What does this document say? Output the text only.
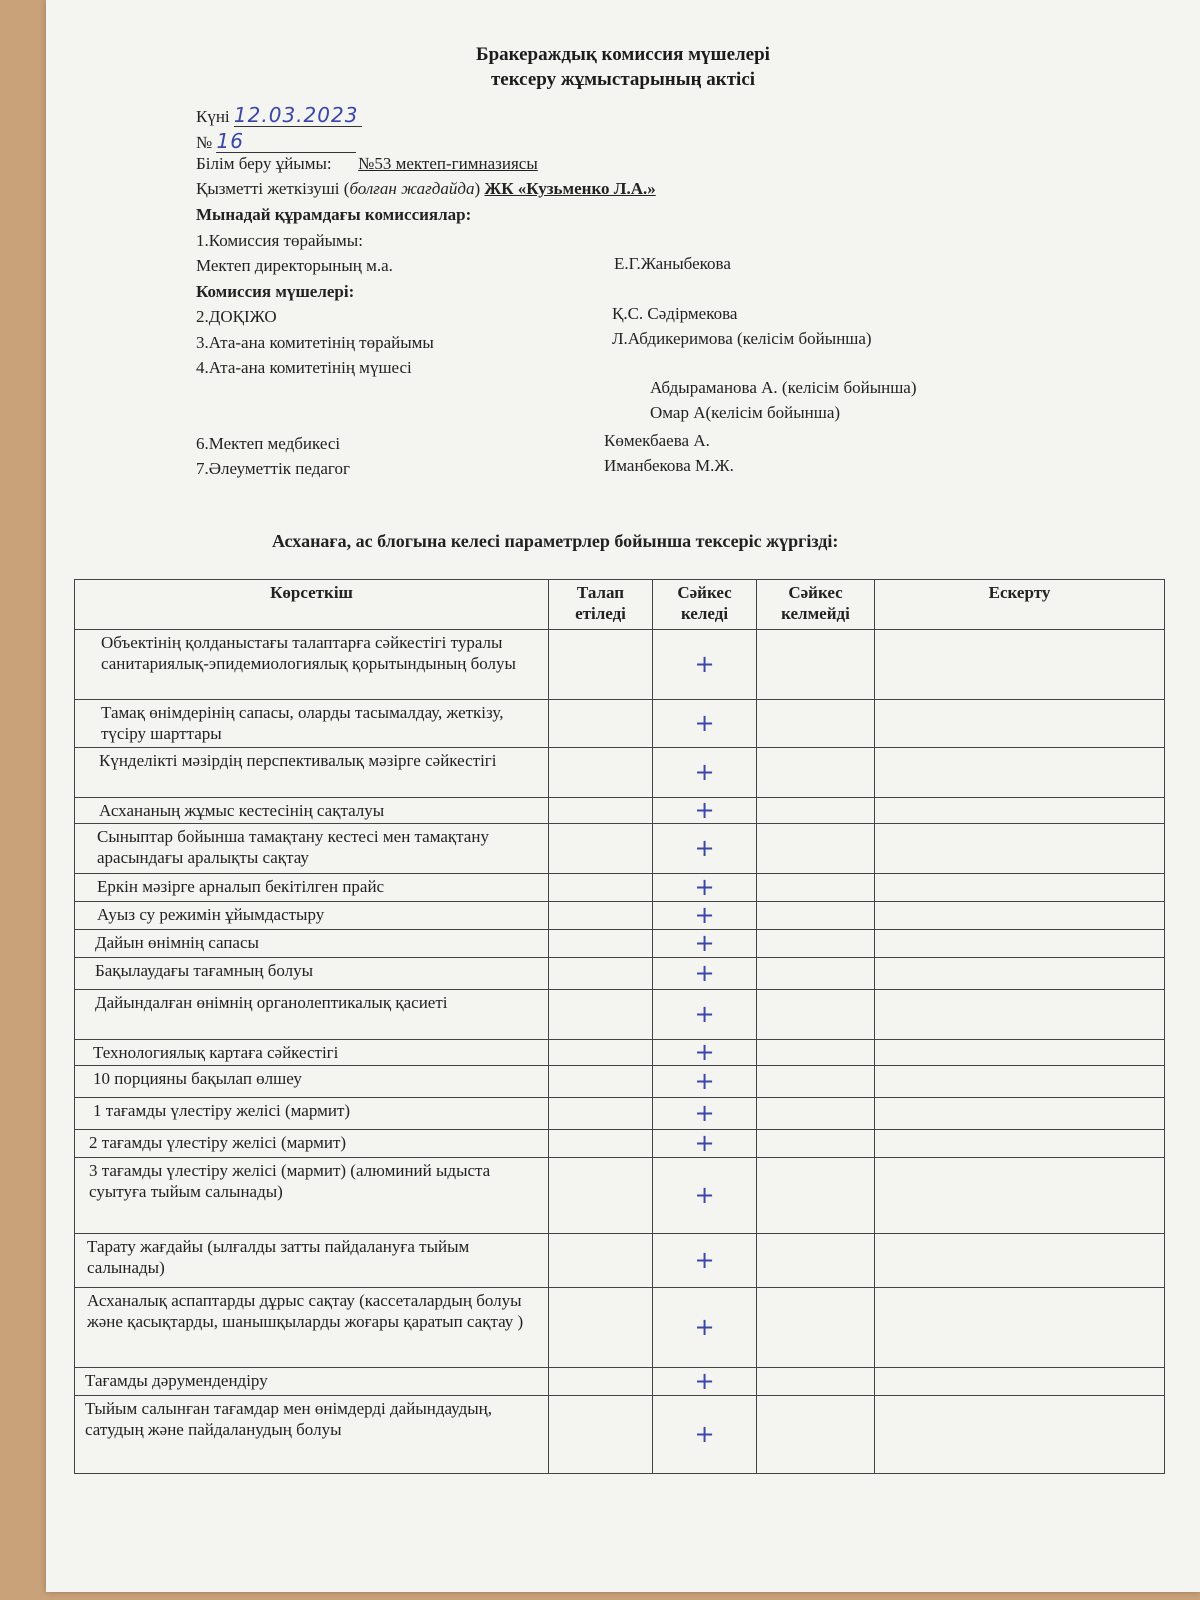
Бракераждық комиссия мүшелері
тексеру жұмыстарының актісі
Күні 12.03.2023
№ 16
Білім беру ұйымы: №53 мектеп-гимназиясы
Қызметті жеткізуші (болған жағдайда) ЖК «Кузьменко Л.А.»
Мынадай құрамдағы комиссиялар:
1.Комиссия төрайымы:
Мектеп директорының м.а.	Е.Г.Жаныбекова
Комиссия мүшелері:
2.ДОҚІЖО	Қ.С. Сәдірмекова
3.Ата-ана комитетінің төрайымы	Л.Абдикеримова (келісім бойынша)
4.Ата-ана комитетінің мүшесі
Абдыраманова А. (келісім бойынша)
Омар А(келісім бойынша)
6.Мектеп медбикесі	Көмекбаева А.
7.Әлеуметтік педагог	Иманбекова М.Ж.
Асханаға, ас блогына келесі параметрлер бойынша тексеріс жүргізді:
Көрсеткіш	Талап етіледі	Сәйкес келеді	Сәйкес келмейді	Ескерту
Объектінің қолданыстағы талаптарға сәйкестігі туралы санитариялық-эпидемиологиялық қорытындының болуы		+		
Тамақ өнімдерінің сапасы, оларды тасымалдау, жеткізу, түсіру шарттары		+		
Күнделікті мәзірдің перспективалық мәзірге сәйкестігі		+		
Асхананың жұмыс кестесінің сақталуы		+		
Сыныптар бойынша тамақтану кестесі мен тамақтану арасындағы аралықты сақтау		+		
Еркін мәзірге арналып бекітілген прайс		+		
Ауыз су режимін ұйымдастыру		+		
Дайын өнімнің сапасы		+		
Бақылаудағы тағамның болуы		+		
Дайындалған өнімнің органолептикалық қасиеті		+		
Технологиялық картаға сәйкестігі		+		
10 порцияны бақылап өлшеу		+		
1 тағамды үлестіру желісі (мармит)		+		
2 тағамды үлестіру желісі (мармит)		+		
3 тағамды үлестіру желісі (мармит) (алюминий ыдыста суытуға тыйым салынады)		+		
Тарату жағдайы (ылғалды затты пайдалануға тыйым салынады)		+		
Асханалық аспаптарды дұрыс сақтау (кассеталардың болуы және қасықтарды, шанышқыларды жоғары қаратып сақтау )		+		
Тағамды дәрумендендіру		+		
Тыйым салынған тағамдар мен өнімдерді дайындаудың, сатудың және пайдаланудың болуы		+		
